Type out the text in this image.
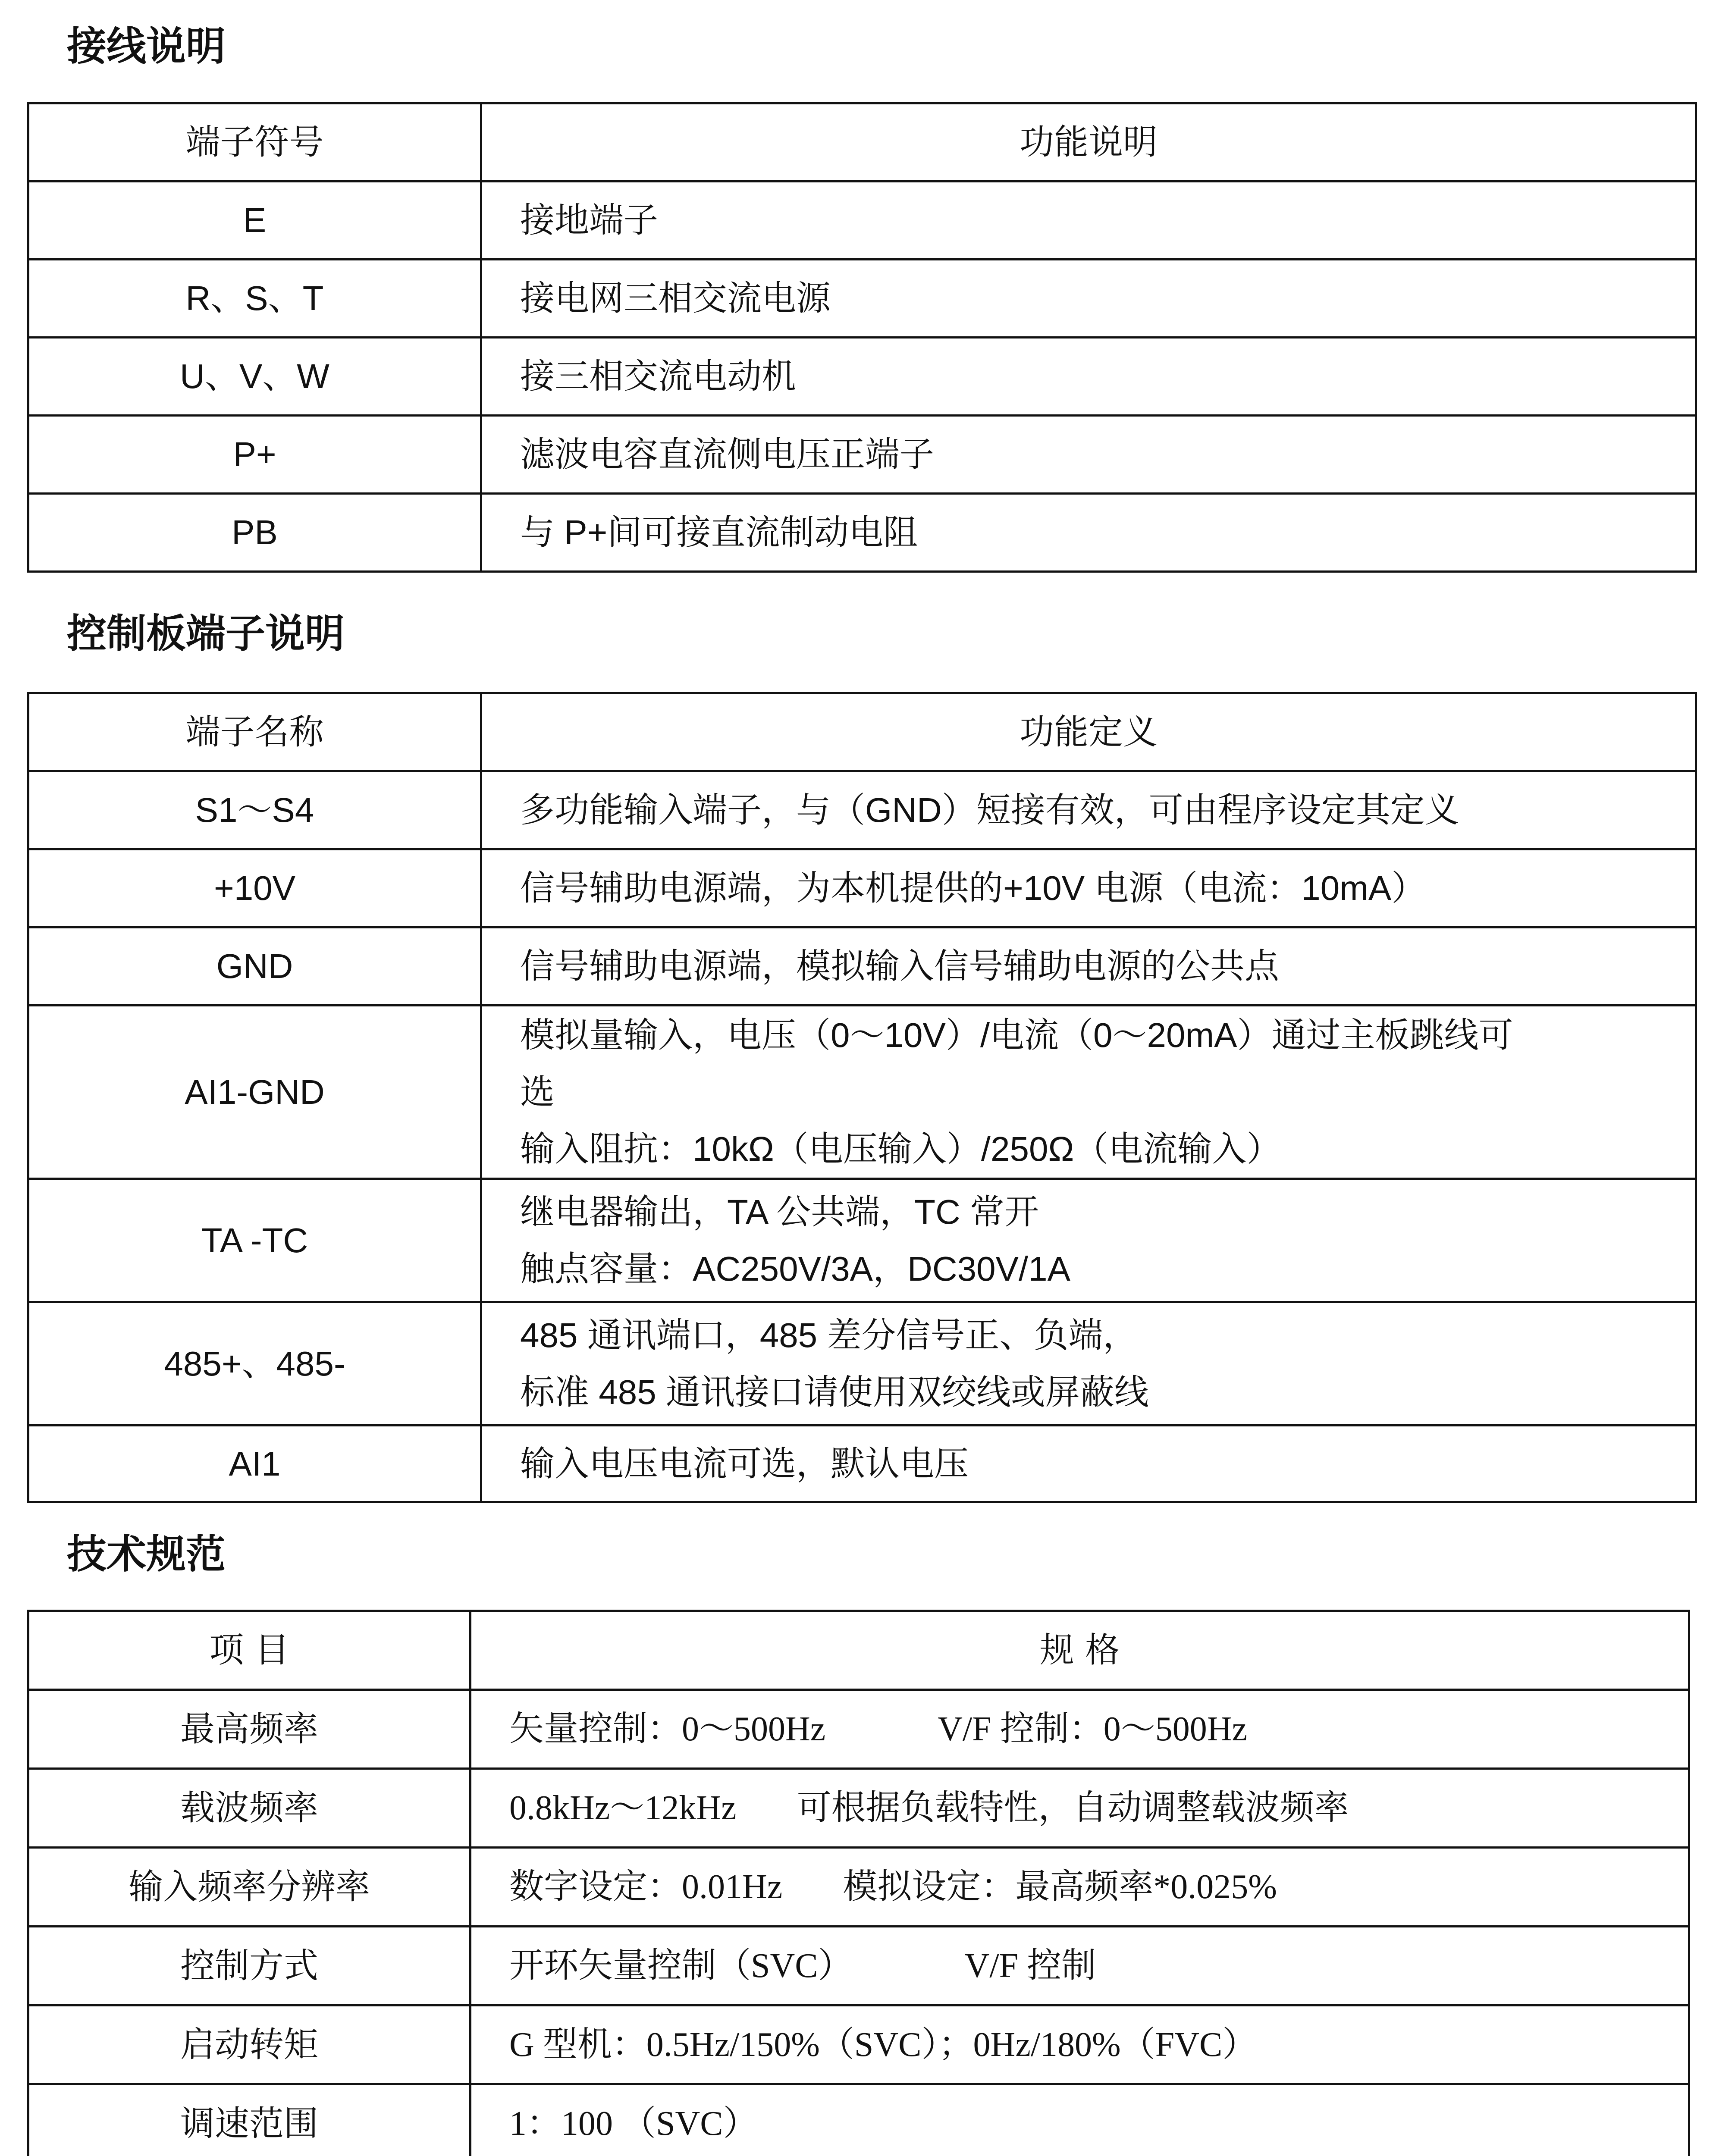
接线说明
端子符号	功能说明
E	接地端子
R、S、T	接电网三相交流电源
U、V、W	接三相交流电动机
P+	滤波电容直流侧电压正端子
PB	与 P+间可接直流制动电阻
控制板端子说明
端子名称	功能定义
S1～S4	多功能输入端子，与（GND）短接有效，可由程序设定其定义

+10V	信号辅助电源端，为本机提供的+10V 电源（电流：10mA）

GND	信号辅助电源端，模拟输入信号辅助电源的公共点

AI1-GND	模拟量输入，电压（0～10V）/电流（0～20mA）通过主板跳线可
选
输入阻抗：10kΩ（电压输入）/250Ω（电流输入）

TA -TC	继电器输出，TA 公共端，TC 常开
触点容量：AC250V/3A，DC30V/1A

485+、485-	485 通讯端口，485 差分信号正、负端，
标准 485 通讯接口请使用双绞线或屏蔽线

AI1	输入电压电流可选，默认电压
技术规范
项 目	规 格
最高频率	矢量控制：0～500Hz V/F 控制：0～500Hz
载波频率	0.8kHz～12kHz 可根据负载特性，自动调整载波频率
输入频率分辨率	数字设定：0.01Hz 模拟设定：最高频率*0.025%
控制方式	开环矢量控制（SVC） V/F 控制
启动转矩	G 型机：0.5Hz/150%（SVC）；0Hz/180%（FVC）
调速范围	1：100 （SVC）
